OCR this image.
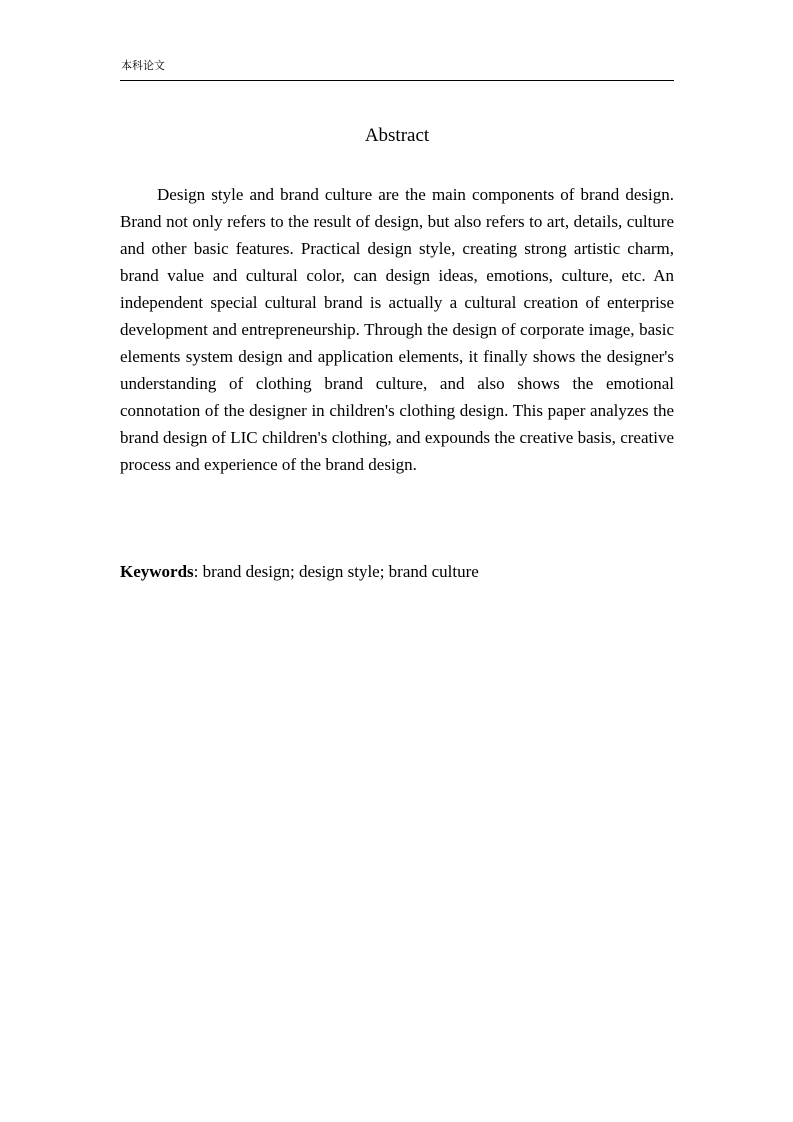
本科论文
Abstract

Design style and brand culture are the main components of brand design. Brand not only refers to the result of design, but also refers to art, details, culture and other basic features. Practical design style, creating strong artistic charm, brand value and cultural color, can design ideas, emotions, culture, etc. An independent special cultural brand is actually a cultural creation of enterprise development and entrepreneurship. Through the design of corporate image, basic elements system design and application elements, it finally shows the designer's understanding of clothing brand culture, and also shows the emotional connotation of the designer in children's clothing design. This paper analyzes the brand design of LIC children's clothing, and expounds the creative basis, creative process and experience of the brand design.

Keywords: brand design; design style; brand culture
